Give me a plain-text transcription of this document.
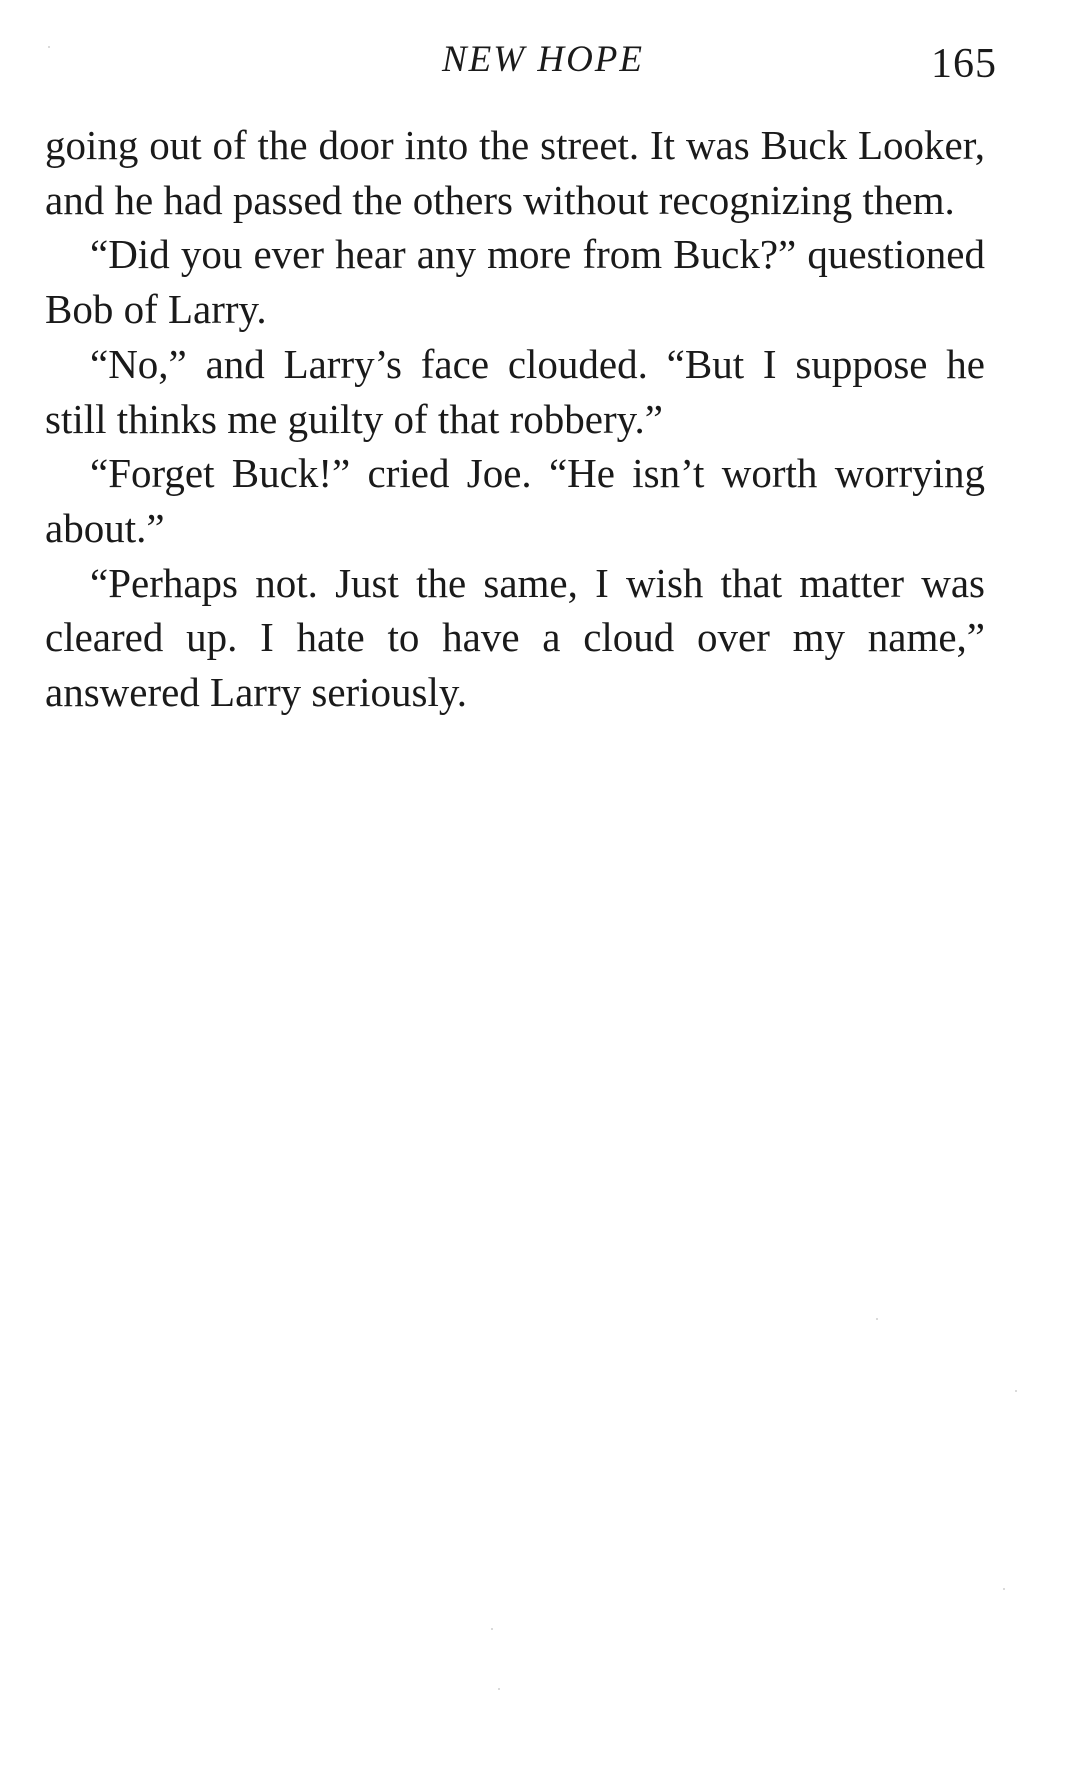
NEW HOPE	165

going out of the door into the street. It was Buck Looker, and he had passed the others without recognizing them.

“Did you ever hear any more from Buck?” questioned Bob of Larry.

“No,” and Larry’s face clouded. “But I suppose he still thinks me guilty of that robbery.”

“Forget Buck!” cried Joe. “He isn’t worth worrying about.”

“Perhaps not. Just the same, I wish that matter was cleared up. I hate to have a cloud over my name,” answered Larry seriously.
